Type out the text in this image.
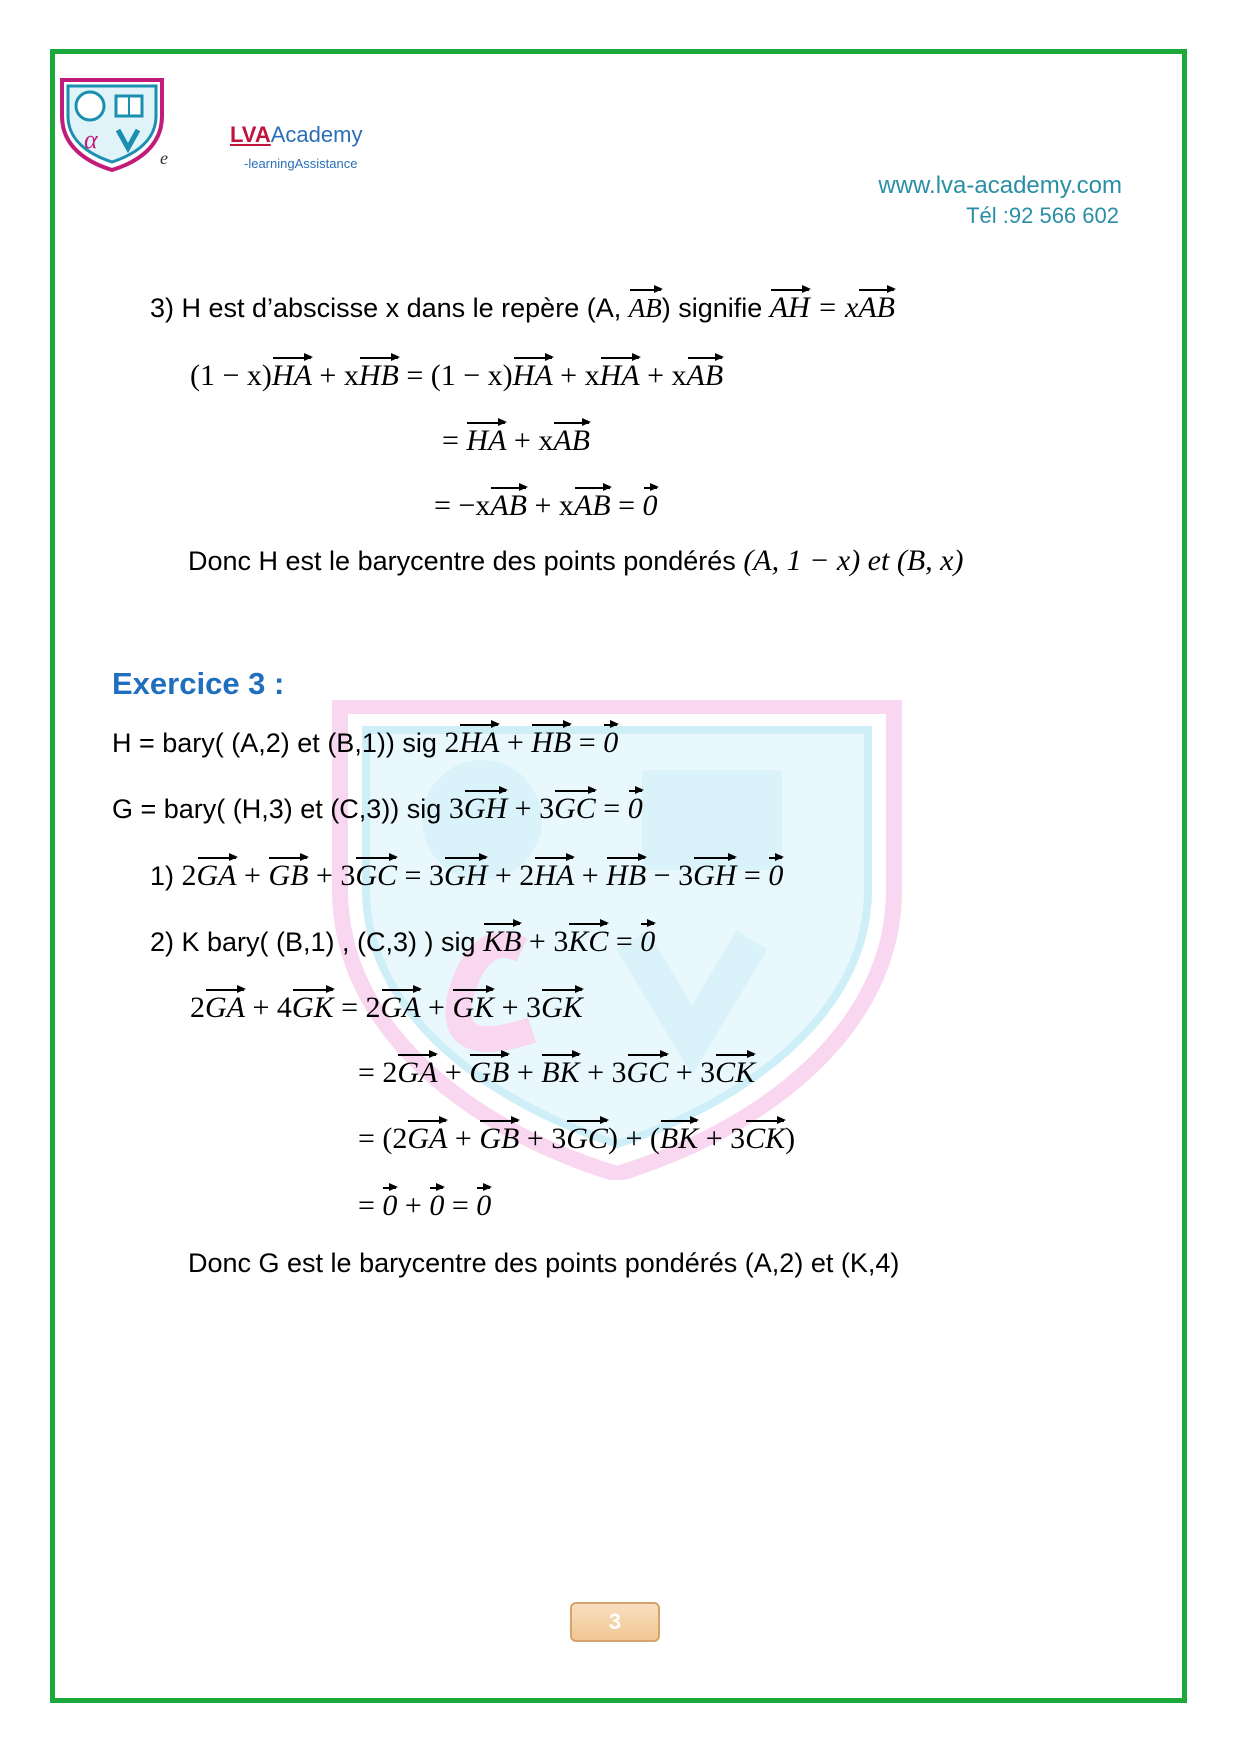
α
e
LVAAcademy
-learningAssistance
www.lva-academy.com
Tél :92 566 602
3) H est d’abscisse x dans le repère (A, AB) signifie AH = xAB
(1 − x)HA + xHB = (1 − x)HA + xHA + xAB
= HA + xAB
= −xAB + xAB = 0
Donc H est le barycentre des points pondérés (A, 1 − x) et (B, x)
Exercice 3 :
H = bary( (A,2) et (B,1)) sig 2HA + HB = 0
G = bary( (H,3) et (C,3)) sig 3GH + 3GC = 0
1) 2GA + GB + 3GC = 3GH + 2HA + HB − 3GH = 0
2) K bary( (B,1) , (C,3) ) sig KB + 3KC = 0
2GA + 4GK = 2GA + GK + 3GK
= 2GA + GB + BK + 3GC + 3CK
= (2GA + GB + 3GC) + (BK + 3CK)
= 0 + 0 = 0
Donc G est le barycentre des points pondérés (A,2) et (K,4)
3
